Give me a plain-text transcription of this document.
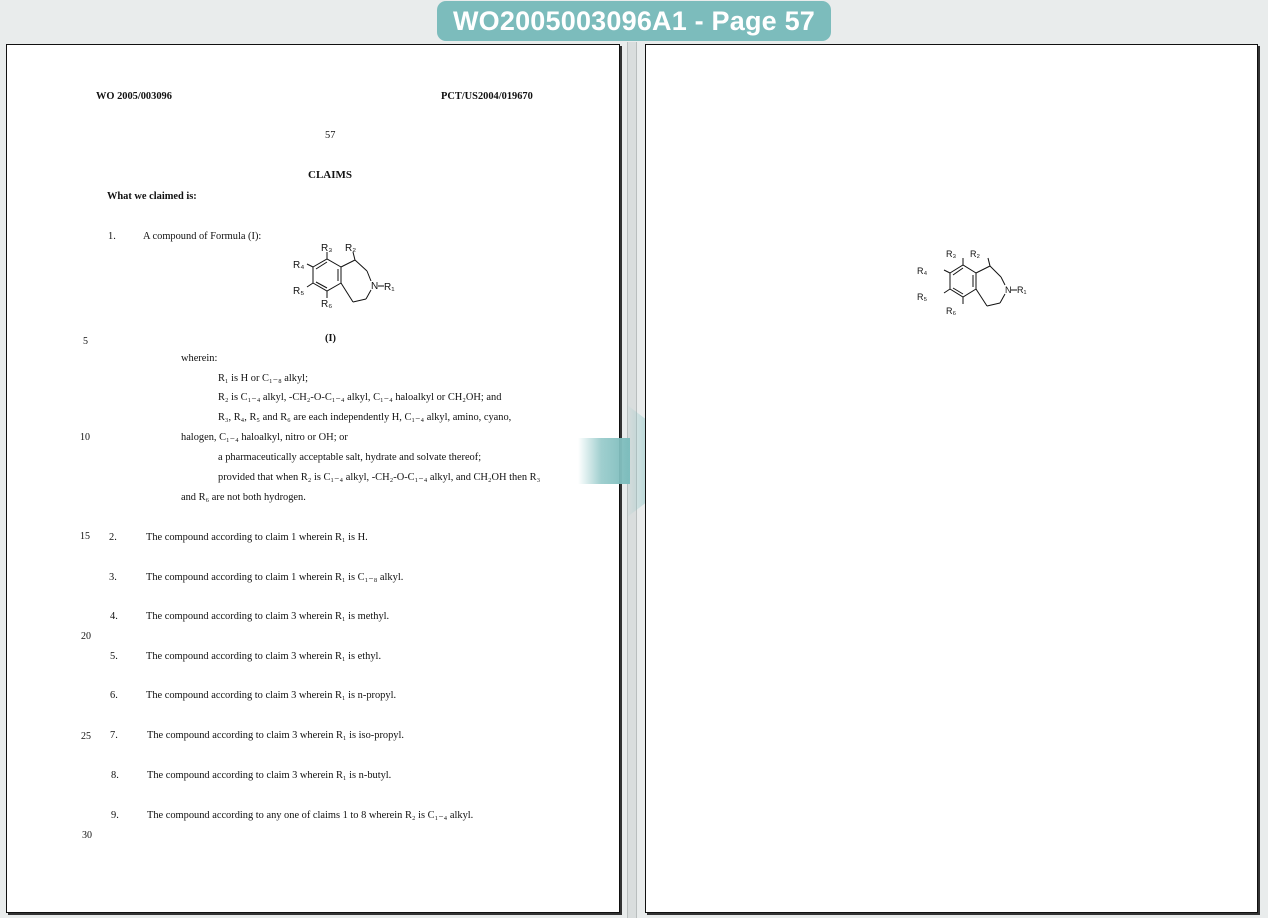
WO2005003096A1 - Page 57
WO 2005/003096	PCT/US2004/019670
57
CLAIMS
What we claimed is:
5
10
15
20
25
30
1.	A compound of Formula (I):
R₃ R₂
R₄
R₅	N R₁
R₆
(I)
wherein:
R₁ is H or C₁₋₈ alkyl;
R₂ is C₁₋₄ alkyl, -CH₂-O-C₁₋₄ alkyl, C₁₋₄ haloalkyl or CH₂OH; and
R₃, R₄, R₅ and R₆ are each independently H, C₁₋₄ alkyl, amino, cyano,
halogen, C₁₋₄ haloalkyl, nitro or OH; or
a pharmaceutically acceptable salt, hydrate and solvate thereof;
provided that when R₂ is C₁₋₄ alkyl, -CH₂-O-C₁₋₄ alkyl, and CH₂OH then R₃
and R₆ are not both hydrogen.
2.	The compound according to claim 1 wherein R₁ is H.
3.	The compound according to claim 1 wherein R₁ is C₁₋₈ alkyl.
4.	The compound according to claim 3 wherein R₁ is methyl.
5.	The compound according to claim 3 wherein R₁ is ethyl.
6.	The compound according to claim 3 wherein R₁ is n-propyl.
7.	The compound according to claim 3 wherein R₁ is iso-propyl.
8.	The compound according to claim 3 wherein R₁ is n-butyl.
9.	The compound according to any one of claims 1 to 8 wherein R₂ is C₁₋₄ alkyl.
R₃ R₂
R₄
R₅
N R₁
R₆
